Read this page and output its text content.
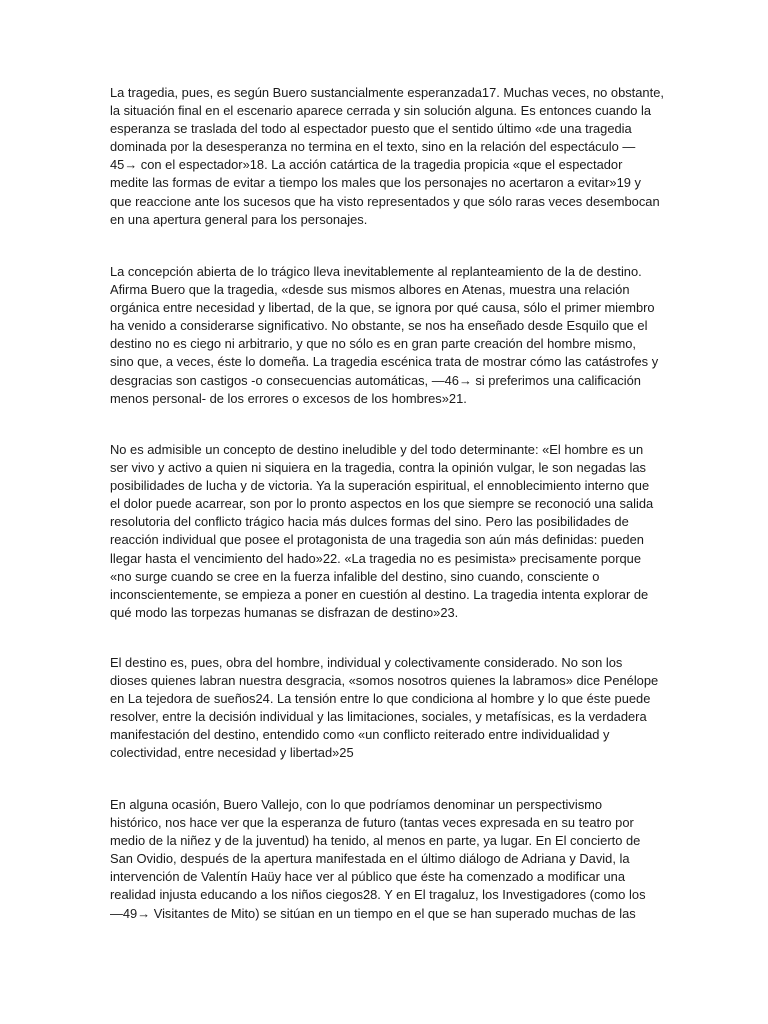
La tragedia, pues, es según Buero sustancialmente esperanzada17. Muchas veces, no obstante,
la situación final en el escenario aparece cerrada y sin solución alguna. Es entonces cuando la
esperanza se traslada del todo al espectador puesto que el sentido último «de una tragedia
dominada por la desesperanza no termina en el texto, sino en la relación del espectáculo —
45→ con el espectador»18. La acción catártica de la tragedia propicia «que el espectador
medite las formas de evitar a tiempo los males que los personajes no acertaron a evitar»19 y
que reaccione ante los sucesos que ha visto representados y que sólo raras veces desembocan
en una apertura general para los personajes.

La concepción abierta de lo trágico lleva inevitablemente al replanteamiento de la de destino.
Afirma Buero que la tragedia, «desde sus mismos albores en Atenas, muestra una relación
orgánica entre necesidad y libertad, de la que, se ignora por qué causa, sólo el primer miembro
ha venido a considerarse significativo. No obstante, se nos ha enseñado desde Esquilo que el
destino no es ciego ni arbitrario, y que no sólo es en gran parte creación del hombre mismo,
sino que, a veces, éste lo domeña. La tragedia escénica trata de mostrar cómo las catástrofes y
desgracias son castigos -o consecuencias automáticas, —46→ si preferimos una calificación
menos personal- de los errores o excesos de los hombres»21.

No es admisible un concepto de destino ineludible y del todo determinante: «El hombre es un
ser vivo y activo a quien ni siquiera en la tragedia, contra la opinión vulgar, le son negadas las
posibilidades de lucha y de victoria. Ya la superación espiritual, el ennoblecimiento interno que
el dolor puede acarrear, son por lo pronto aspectos en los que siempre se reconoció una salida
resolutoria del conflicto trágico hacia más dulces formas del sino. Pero las posibilidades de
reacción individual que posee el protagonista de una tragedia son aún más definidas: pueden
llegar hasta el vencimiento del hado»22. «La tragedia no es pesimista» precisamente porque
«no surge cuando se cree en la fuerza infalible del destino, sino cuando, consciente o
inconscientemente, se empieza a poner en cuestión al destino. La tragedia intenta explorar de
qué modo las torpezas humanas se disfrazan de destino»23.

El destino es, pues, obra del hombre, individual y colectivamente considerado. No son los
dioses quienes labran nuestra desgracia, «somos nosotros quienes la labramos» dice Penélope
en La tejedora de sueños24. La tensión entre lo que condiciona al hombre y lo que éste puede
resolver, entre la decisión individual y las limitaciones, sociales, y metafísicas, es la verdadera
manifestación del destino, entendido como «un conflicto reiterado entre individualidad y
colectividad, entre necesidad y libertad»25

En alguna ocasión, Buero Vallejo, con lo que podríamos denominar un perspectivismo
histórico, nos hace ver que la esperanza de futuro (tantas veces expresada en su teatro por
medio de la niñez y de la juventud) ha tenido, al menos en parte, ya lugar. En El concierto de
San Ovidio, después de la apertura manifestada en el último diálogo de Adriana y David, la
intervención de Valentín Haüy hace ver al público que éste ha comenzado a modificar una
realidad injusta educando a los niños ciegos28. Y en El tragaluz, los Investigadores (como los
—49→ Visitantes de Mito) se sitúan en un tiempo en el que se han superado muchas de las
